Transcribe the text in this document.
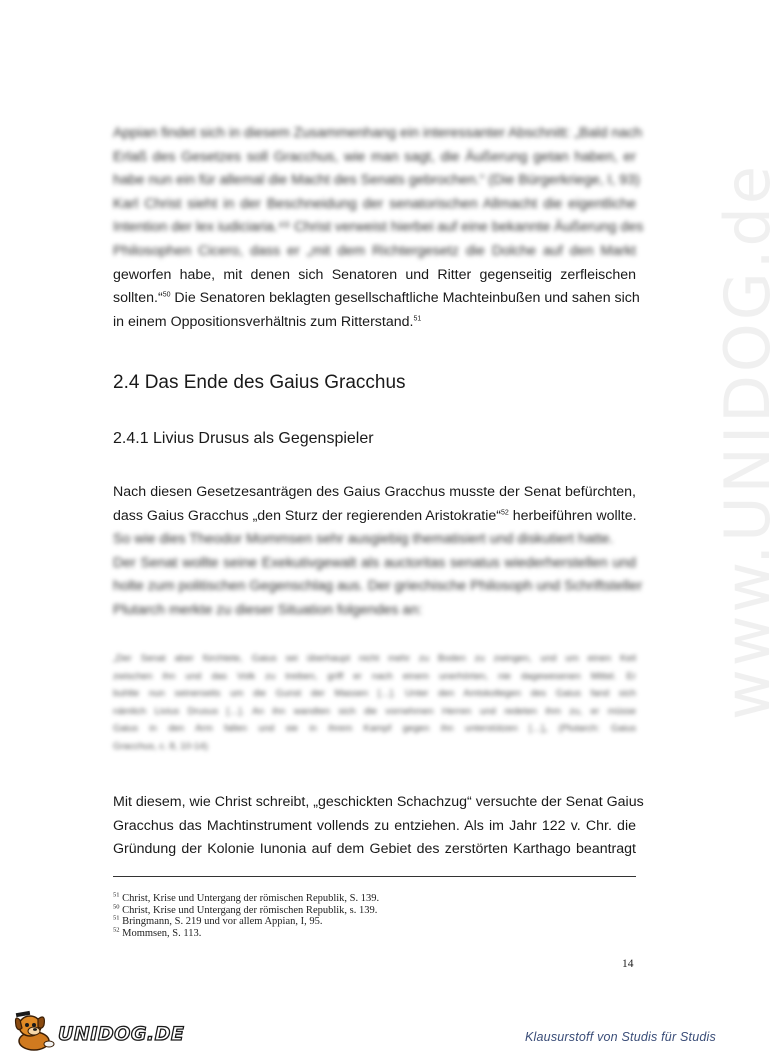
www.UNIDOG.de
Appian findet sich in diesem Zusammenhang ein interessanter Abschnitt: „Bald nach
Erlaß des Gesetzes soll Gracchus, wie man sagt, die Äußerung getan haben, er
habe nun ein für allemal die Macht des Senats gebrochen.“ (Die Bürgerkriege, I, 93)
Karl Christ sieht in der Beschneidung der senatorischen Allmacht die eigentliche
Intention der lex iudiciaria.⁴⁹ Christ verweist hierbei auf eine bekannte Äußerung des
Philosophen Cicero, dass er „mit dem Richtergesetz die Dolche auf den Markt
geworfen habe, mit denen sich Senatoren und Ritter gegenseitig zerfleischen
sollten.“$^{50}$ Die Senatoren beklagten gesellschaftliche Machteinbußen und sahen sich
in einem Oppositionsverhältnis zum Ritterstand.$^{51}$
2.4 Das Ende des Gaius Gracchus
2.4.1 Livius Drusus als Gegenspieler
Nach diesen Gesetzesanträgen des Gaius Gracchus musste der Senat befürchten,
dass Gaius Gracchus „den Sturz der regierenden Aristokratie“$^{52}$ herbeiführen wollte.
So wie dies Theodor Mommsen sehr ausgiebig thematisiert und diskutiert hatte.
Der Senat wollte seine Exekutivgewalt als auctoritas senatus wiederherstellen und
holte zum politischen Gegenschlag aus. Der griechische Philosoph und Schriftsteller
Plutarch merkte zu dieser Situation folgendes an:
„Der Senat aber fürchtete, Gaius sei überhaupt nicht mehr zu Boden zu zwingen, und um einen Keil
zwischen ihn und das Volk zu treiben, griff er nach einem unerhörten, nie dagewesenen Mittel. Er
buhlte nun seinerseits um die Gunst der Massen […]. Unter den Amtskollegen des Gaius fand sich
nämlich Livius Drusus […]. An ihn wandten sich die vornehmen Herren und redeten ihm zu, er müsse
Gaius in den Arm fallen und sie in ihrem Kampf gegen ihn unterstützen […]„ (Plutarch: Gaius
Gracchus, c. 8, 10-14)
Mit diesem, wie Christ schreibt, „geschickten Schachzug“ versuchte der Senat Gaius
Gracchus das Machtinstrument vollends zu entziehen. Als im Jahr 122 v. Chr. die
Gründung der Kolonie Iunonia auf dem Gebiet des zerstörten Karthago beantragt
$^{51}$ Christ, Krise und Untergang der römischen Republik, S. 139.
$^{50}$ Christ, Krise und Untergang der römischen Republik, s. 139.
$^{51}$ Bringmann, S. 219 und vor allem Appian, I, 95.
$^{52}$ Mommsen, S. 113.
14
UNIDOG.DE	Klausurstoff von Studis für Studis
